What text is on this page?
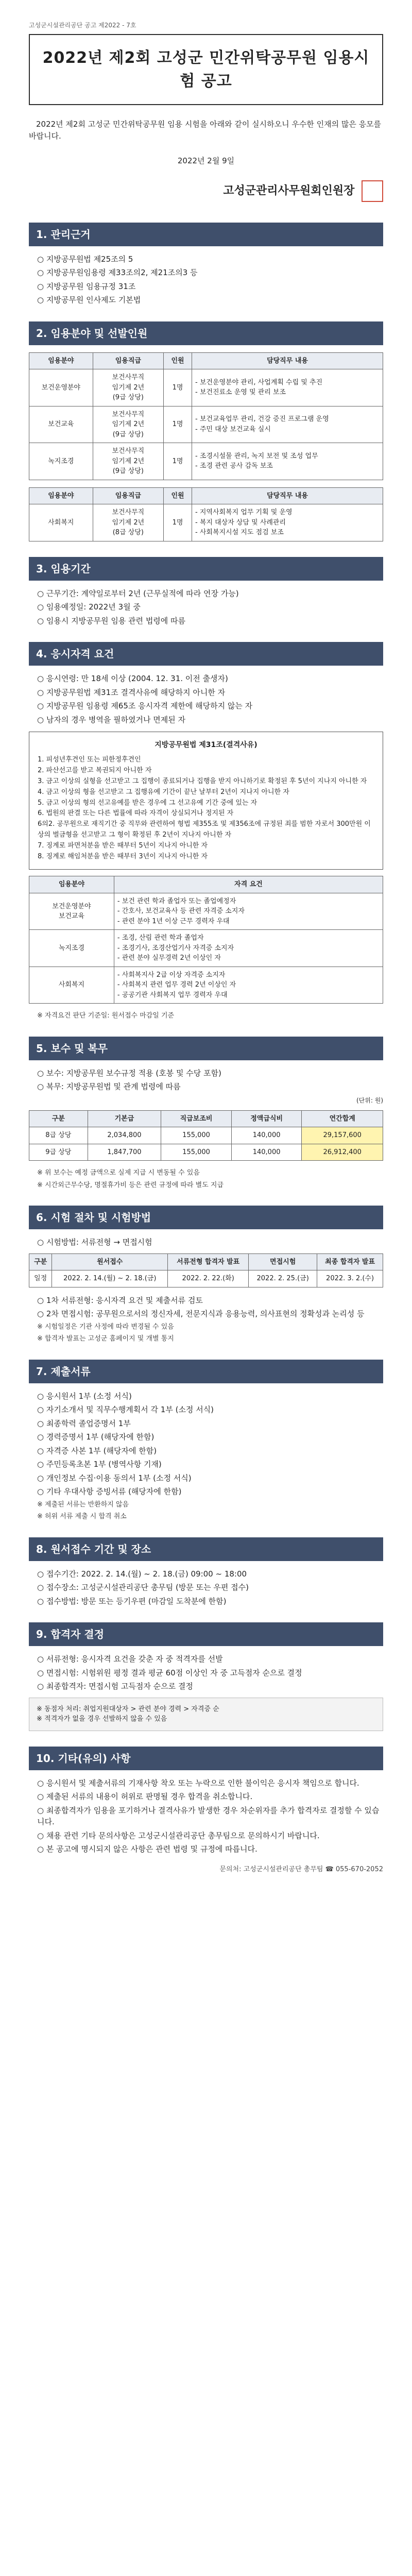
고성군시설관리공단 공고 제2022 - 7호
2022년 제2회 고성군 민간위탁공무원 임용시험 공고

2022년 제2회 고성군 민간위탁공무원 임용 시험을 아래와 같이 실시하오니 우수한 인재의 많은 응모를 바랍니다.

2022년 2월 9일
고성군관리사무원회인원장
1. 관리근거
○ 지방공무원법 제25조의 5
○ 지방공무원임용령 제33조의2, 제21조의3 등
○ 지방공무원 임용규정 31조
○ 지방공무원 인사제도 기본법
2. 임용분야 및 선발인원
임용분야	임용직급	인원	담당직무 내용
보건운영분야	보건사무직
임기제 2년
(9급 상당)	1명	- 보건운영분야 관리, 사업계획 수립 및 추진
- 보건진료소 운영 및 관리 보조
보건교육	보건사무직
임기제 2년
(9급 상당)	1명	- 보건교육업무 관리, 건강 증진 프로그램 운영
- 주민 대상 보건교육 실시
녹지조경	보건사무직
임기제 2년
(9급 상당)	1명	- 조경시설물 관리, 녹지 보전 및 조성 업무
- 조경 관련 공사 감독 보조
임용분야	임용직급	인원	담당직무 내용
사회복지	보건사무직
임기제 2년
(8급 상당)	1명	- 지역사회복지 업무 기획 및 운영
- 복지 대상자 상담 및 사례관리
- 사회복지시설 지도 점검 보조
3. 임용기간
○ 근무기간: 계약일로부터 2년 (근무실적에 따라 연장 가능)
○ 임용예정일: 2022년 3월 중
○ 임용시 지방공무원 임용 관련 법령에 따름
4. 응시자격 요건
○ 응시연령: 만 18세 이상 (2004. 12. 31. 이전 출생자)
○ 지방공무원법 제31조 결격사유에 해당하지 아니한 자
○ 지방공무원 임용령 제65조 응시자격 제한에 해당하지 않는 자
○ 남자의 경우 병역을 필하였거나 면제된 자
지방공무원법 제31조(결격사유)
1. 피성년후견인 또는 피한정후견인
2. 파산선고를 받고 복권되지 아니한 자
3. 금고 이상의 실형을 선고받고 그 집행이 종료되거나 집행을 받지 아니하기로 확정된 후 5년이 지나지 아니한 자
4. 금고 이상의 형을 선고받고 그 집행유예 기간이 끝난 날부터 2년이 지나지 아니한 자
5. 금고 이상의 형의 선고유예를 받은 경우에 그 선고유예 기간 중에 있는 자
6. 법원의 판결 또는 다른 법률에 따라 자격이 상실되거나 정지된 자
6의2. 공무원으로 재직기간 중 직무와 관련하여 형법 제355조 및 제356조에 규정된 죄를 범한 자로서 300만원 이상의 벌금형을 선고받고 그 형이 확정된 후 2년이 지나지 아니한 자
7. 징계로 파면처분을 받은 때부터 5년이 지나지 아니한 자
8. 징계로 해임처분을 받은 때부터 3년이 지나지 아니한 자
임용분야	자격 요건
보건운영분야
보건교육	- 보건 관련 학과 졸업자 또는 졸업예정자
- 간호사, 보건교육사 등 관련 자격증 소지자
- 관련 분야 1년 이상 근무 경력자 우대
녹지조경	- 조경, 산림 관련 학과 졸업자
- 조경기사, 조경산업기사 자격증 소지자
- 관련 분야 실무경력 2년 이상인 자
사회복지	- 사회복지사 2급 이상 자격증 소지자
- 사회복지 관련 업무 경력 2년 이상인 자
- 공공기관 사회복지 업무 경력자 우대
※ 자격요건 판단 기준일: 원서접수 마감일 기준
5. 보수 및 복무
○ 보수: 지방공무원 보수규정 적용 (호봉 및 수당 포함)
○ 복무: 지방공무원법 및 관계 법령에 따름
(단위: 원)
구분	기본급	직급보조비	정액급식비	연간합계
8급 상당	2,034,800	155,000	140,000	29,157,600
9급 상당	1,847,700	155,000	140,000	26,912,400
※ 위 보수는 예정 금액으로 실제 지급 시 변동될 수 있음
※ 시간외근무수당, 명절휴가비 등은 관련 규정에 따라 별도 지급
6. 시험 절차 및 시험방법
○ 시험방법: 서류전형 → 면접시험
구분	원서접수	서류전형 합격자 발표	면접시험	최종 합격자 발표
일정	2022. 2. 14.(월) ~ 2. 18.(금)	2022. 2. 22.(화)	2022. 2. 25.(금)	2022. 3. 2.(수)
○ 1차 서류전형: 응시자격 요건 및 제출서류 검토
○ 2차 면접시험: 공무원으로서의 정신자세, 전문지식과 응용능력, 의사표현의 정확성과 논리성 등
※ 시험일정은 기관 사정에 따라 변경될 수 있음
※ 합격자 발표는 고성군 홈페이지 및 개별 통지
7. 제출서류
○ 응시원서 1부 (소정 서식)
○ 자기소개서 및 직무수행계획서 각 1부 (소정 서식)
○ 최종학력 졸업증명서 1부
○ 경력증명서 1부 (해당자에 한함)
○ 자격증 사본 1부 (해당자에 한함)
○ 주민등록초본 1부 (병역사항 기재)
○ 개인정보 수집·이용 동의서 1부 (소정 서식)
○ 기타 우대사항 증빙서류 (해당자에 한함)
※ 제출된 서류는 반환하지 않음
※ 허위 서류 제출 시 합격 취소
8. 원서접수 기간 및 장소
○ 접수기간: 2022. 2. 14.(월) ~ 2. 18.(금) 09:00 ~ 18:00
○ 접수장소: 고성군시설관리공단 총무팀 (방문 또는 우편 접수)
○ 접수방법: 방문 또는 등기우편 (마감일 도착분에 한함)
9. 합격자 결정
○ 서류전형: 응시자격 요건을 갖춘 자 중 적격자를 선발
○ 면접시험: 시험위원 평정 결과 평균 60점 이상인 자 중 고득점자 순으로 결정
○ 최종합격자: 면접시험 고득점자 순으로 결정
※ 동점자 처리: 취업지원대상자 > 관련 분야 경력 > 자격증 순
※ 적격자가 없을 경우 선발하지 않을 수 있음
10. 기타(유의) 사항
○ 응시원서 및 제출서류의 기재사항 착오 또는 누락으로 인한 불이익은 응시자 책임으로 합니다.
○ 제출된 서류의 내용이 허위로 판명될 경우 합격을 취소합니다.
○ 최종합격자가 임용을 포기하거나 결격사유가 발생한 경우 차순위자를 추가 합격자로 결정할 수 있습니다.
○ 채용 관련 기타 문의사항은 고성군시설관리공단 총무팀으로 문의하시기 바랍니다.
○ 본 공고에 명시되지 않은 사항은 관련 법령 및 규정에 따릅니다.
문의처: 고성군시설관리공단 총무팀 ☎ 055-670-2052
